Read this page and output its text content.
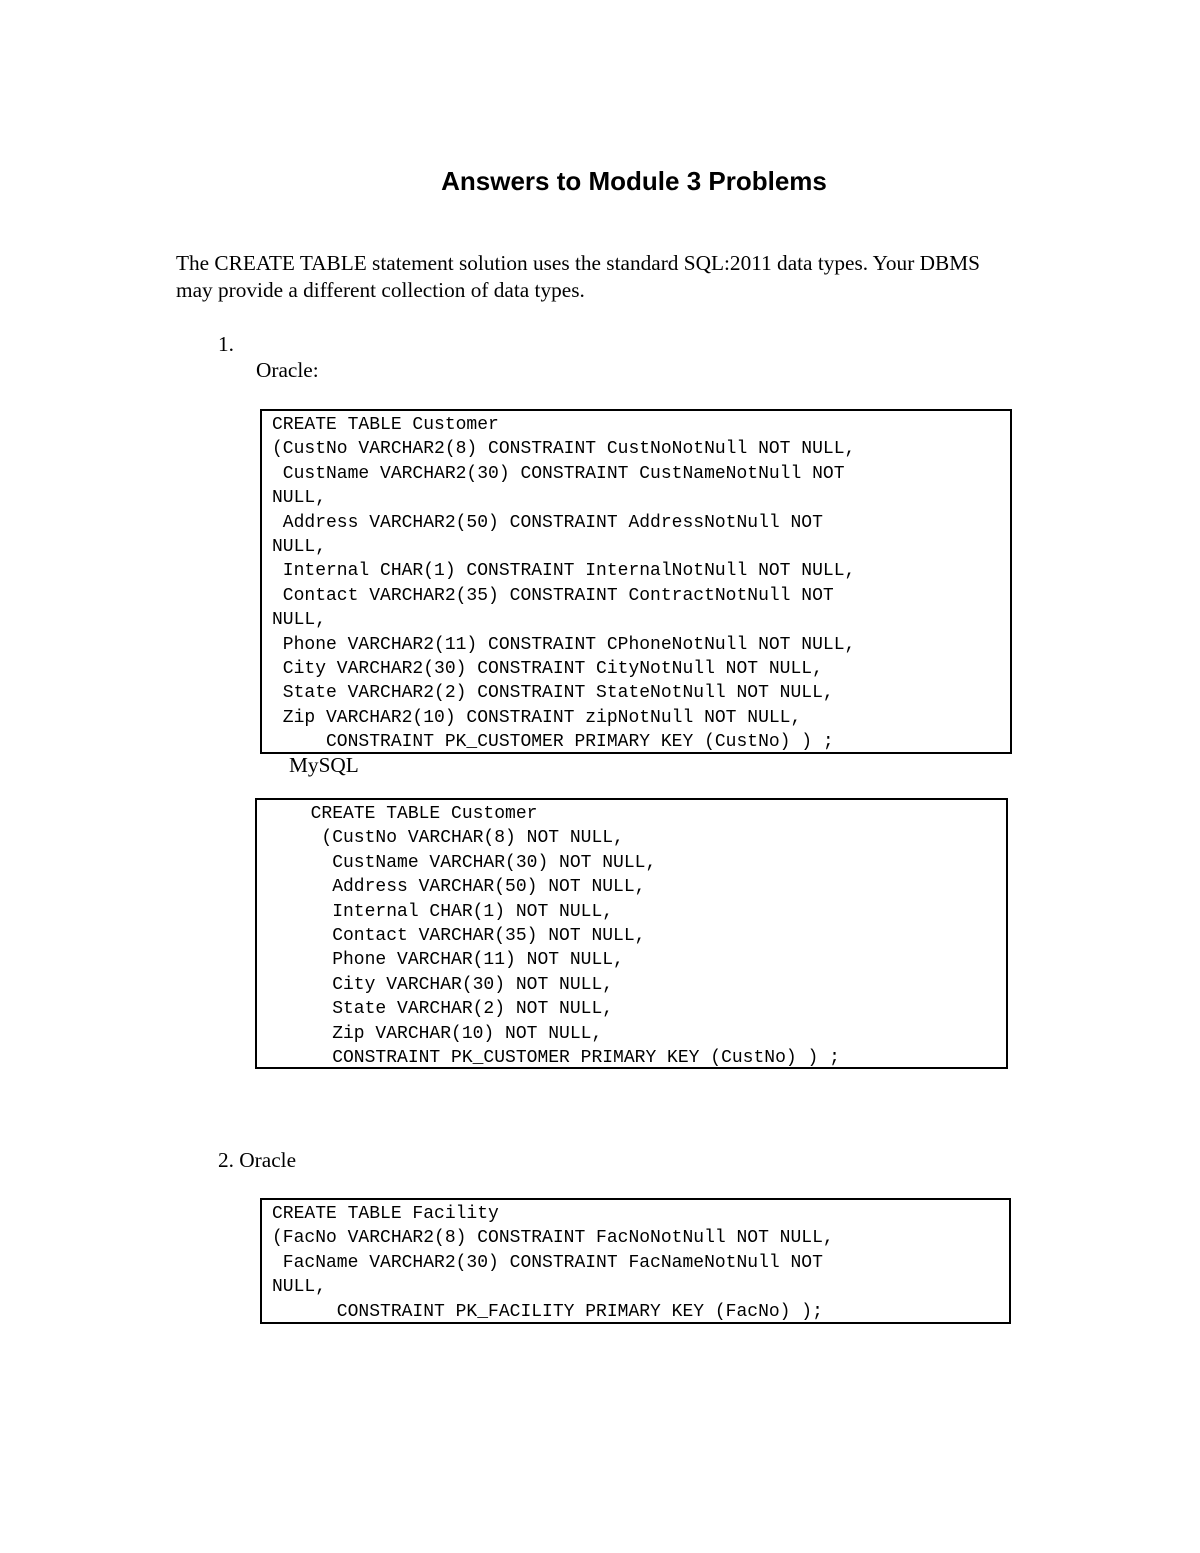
Answers to Module 3 Problems
The CREATE TABLE statement solution uses the standard SQL:2011 data types. Your DBMS
may provide a different collection of data types.
1.
Oracle:
CREATE TABLE Customer
(CustNo VARCHAR2(8) CONSTRAINT CustNoNotNull NOT NULL,
CustName VARCHAR2(30) CONSTRAINT CustNameNotNull NOT
NULL,
Address VARCHAR2(50) CONSTRAINT AddressNotNull NOT
NULL,
Internal CHAR(1) CONSTRAINT InternalNotNull NOT NULL,
Contact VARCHAR2(35) CONSTRAINT ContractNotNull NOT
NULL,
Phone VARCHAR2(11) CONSTRAINT CPhoneNotNull NOT NULL,
City VARCHAR2(30) CONSTRAINT CityNotNull NOT NULL,
State VARCHAR2(2) CONSTRAINT StateNotNull NOT NULL,
Zip VARCHAR2(10) CONSTRAINT zipNotNull NOT NULL,
CONSTRAINT PK_CUSTOMER PRIMARY KEY (CustNo) ) ;
MySQL
CREATE TABLE Customer
(CustNo VARCHAR(8) NOT NULL,
CustName VARCHAR(30) NOT NULL,
Address VARCHAR(50) NOT NULL,
Internal CHAR(1) NOT NULL,
Contact VARCHAR(35) NOT NULL,
Phone VARCHAR(11) NOT NULL,
City VARCHAR(30) NOT NULL,
State VARCHAR(2) NOT NULL,
Zip VARCHAR(10) NOT NULL,
CONSTRAINT PK_CUSTOMER PRIMARY KEY (CustNo) ) ;
2. Oracle
CREATE TABLE Facility
(FacNo VARCHAR2(8) CONSTRAINT FacNoNotNull NOT NULL,
FacName VARCHAR2(30) CONSTRAINT FacNameNotNull NOT
NULL,
CONSTRAINT PK_FACILITY PRIMARY KEY (FacNo) );
